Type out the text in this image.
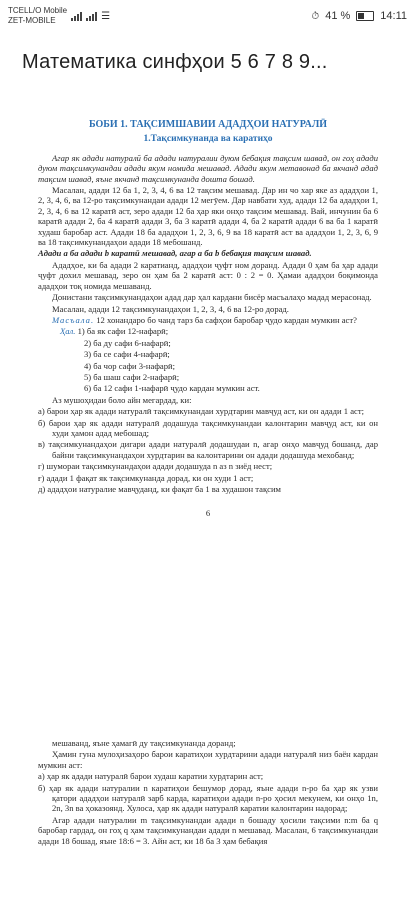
TCELL/O Mobile
ZET-MOBILE	☰	⏱ 41 %	14:11
Математика синфҳои 5 6 7 8 9...
БОБИ 1. ТАҚСИМШАВИИ АДАДҲОИ НАТУРАЛӢ
1.Тақсимкунанда ва каратиҳо

Агар як адади натуралӣ ба адади натуралии дуюм бебақия тақсим шавад, он гоҳ адади дуюм тақсимкунандаи адади якум номида мешавад. Адади якум метавонад ба якчанд адад тақсим шавад, яъне якчанд тақсимкунанда дошта бошад.

Масалан, адади 12 ба 1, 2, 3, 4, 6 ва 12 тақсим мешавад. Дар ин чо хар яке аз ададҳои 1, 2, 3, 4, 6, ва 12-ро тақсимкунандаи адади 12 мегӯем. Дар навбати худ, адади 12 ба ададҳои 1, 2, 3, 4, 6 ва 12 каратӣ аст, зеро адади 12 ба ҳар яки онҳо тақсим мешавад. Вай, инчунин ба 6 каратӣ адади 2, ба 4 каратӣ адади 3, ба 3 каратӣ адади 4, ба 2 каратӣ адади 6 ва ба 1 каратӣ худаш баробар аст. Адади 18 ба ададҳои 1, 2, 3, 6, 9 ва 18 каратӣ аст ва ададҳои 1, 2, 3, 6, 9 ва 18 тақсимкунандаҳои адади 18 мебошанд.

Адади a ба адади b каратӣ мешавад, агар a ба b бебақия тақсим шавад.

Ададҳое, ки ба адади 2 каратианд, ададҳои ҷуфт ном доранд. Адади 0 ҳам ба ҳар адади ҷуфт дохил мешавад, зеро он ҳам ба 2 каратӣ аст: 0 : 2 = 0. Ҳамаи ададҳои боқимонда ададҳои тоқ номида мешаванд.

Донистани тақсимкунандаҳои адад дар ҳал кардани бисёр масъалаҳо мадад мерасонад.

Масалан, адади 12 тақсимкунандаҳои 1, 2, 3, 4, 6 ва 12-ро дорад.

Масъала. 12 хонандаро бо чанд тарз ба сафҳои баробар ҷудо кардан мумкин аст?

Ҳал. 1) ба як сафи 12-нафарӣ;

2) ба ду сафи 6-нафарӣ;

3) ба се сафи 4-нафарӣ;

4) ба чор сафи 3-нафарӣ;

5) ба шаш сафи 2-нафарӣ;

6) ба 12 сафи 1-нафарӣ ҷудо кардан мумкин аст.

Аз мушоҳидаи боло айн мегардад, ки:

а) барои ҳар як адади натуралӣ тақсимкунандаи хурдтарин мавҷуд аст, ки он адади 1 аст;

б) барои ҳар як адади натуралӣ додашуда тақсимкунандаи калонтарин мавҷуд аст, ки он худи ҳамон адад мебошад;

в) тақсимкунандаҳои дигари адади натуралӣ додашудаи n, агар онҳо мавҷуд бошанд, дар байни тақсимкунандаҳои хурдтарин ва калонтарини он адади додашуда мехобанд;

г) шумораи тақсимкунандаҳои адади додашуда n аз n зиёд нест;

ғ) адади 1 фақат як тақсимкунанда дорад, ки он худи 1 аст;

д) ададҳои натуралие мавҷуданд, ки фақат ба 1 ва худашон тақсим

6

мешаванд, яъне ҳамагӣ ду тақсимкунанда доранд;

Ҳамин гуна мулоҳизаҳоро барои каратиҳои хурдтарини адади натуралӣ низ баён кардан мумкин аст:

а) ҳар як адади натуралӣ барои худаш каратии хурдтарин аст;

б) ҳар як адади натуралии n каратиҳои бешумор дорад, яъне адади n-ро ба ҳар як узви қатори ададҳои натуралӣ зарб карда, каратиҳои адади n-ро ҳосил мекунем, ки онҳо 1n, 2n, 3n ва ҳоказоянд. Хулоса, ҳар як адади натуралӣ каратии калонтарин надорад;

Агар адади натуралии m тақсимкунандаи адади n бошаду ҳосили тақсими n:m ба q баробар гардад, он гоҳ q ҳам тақсимкунандаи адади n мешавад. Масалан, 6 тақсимкунандаи адади 18 бошад, яъне 18:6 = 3. Айн аст, ки 18 ба 3 ҳам бебақия
